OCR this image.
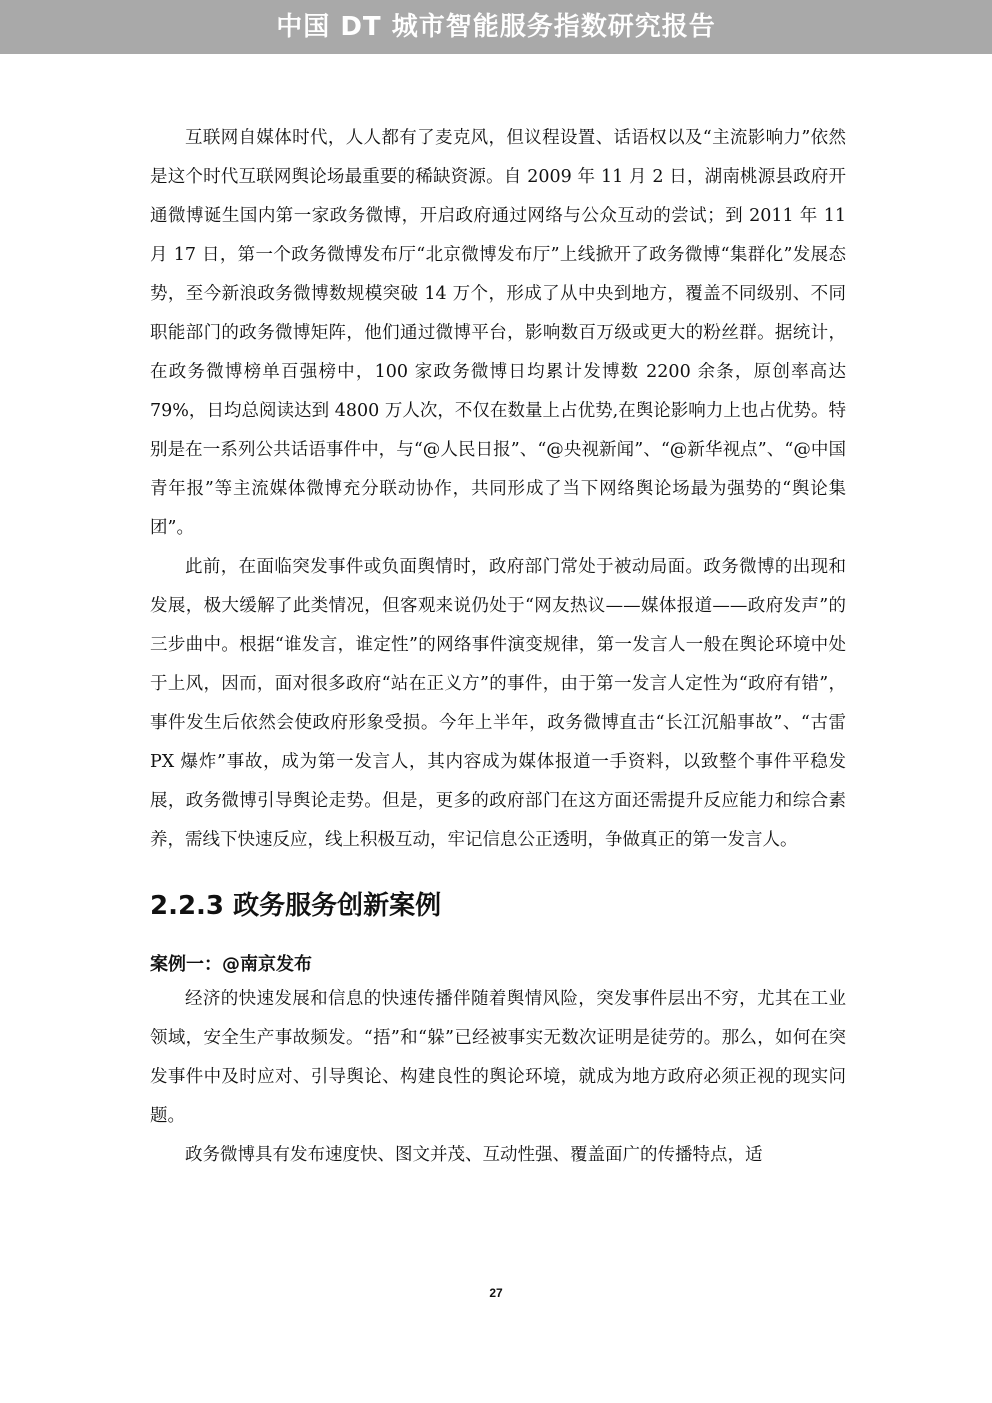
中国 DT 城市智能服务指数研究报告

互联网自媒体时代，人人都有了麦克风，但议程设置、话语权以及“主流影响力”依然是这个时代互联网舆论场最重要的稀缺资源。自 2009 年 11 月 2 日，湖南桃源县政府开通微博诞生国内第一家政务微博，开启政府通过网络与公众互动的尝试；到 2011 年 11 月 17 日，第一个政务微博发布厅“北京微博发布厅”上线掀开了政务微博“集群化”发展态势，至今新浪政务微博数规模突破 14 万个，形成了从中央到地方，覆盖不同级别、不同职能部门的政务微博矩阵，他们通过微博平台，影响数百万级或更大的粉丝群。据统计，在政务微博榜单百强榜中，100 家政务微博日均累计发博数 2200 余条，原创率高达 79%，日均总阅读达到 4800 万人次，不仅在数量上占优势,在舆论影响力上也占优势。特别是在一系列公共话语事件中，与“@人民日报”、“@央视新闻”、“@新华视点”、“@中国青年报”等主流媒体微博充分联动协作，共同形成了当下网络舆论场最为强势的“舆论集团”。

此前，在面临突发事件或负面舆情时，政府部门常处于被动局面。政务微博的出现和发展，极大缓解了此类情况，但客观来说仍处于“网友热议——媒体报道——政府发声”的三步曲中。根据“谁发言，谁定性”的网络事件演变规律，第一发言人一般在舆论环境中处于上风，因而，面对很多政府“站在正义方”的事件，由于第一发言人定性为“政府有错”，事件发生后依然会使政府形象受损。今年上半年，政务微博直击“长江沉船事故”、“古雷 PX 爆炸”事故，成为第一发言人，其内容成为媒体报道一手资料，以致整个事件平稳发展，政务微博引导舆论走势。但是，更多的政府部门在这方面还需提升反应能力和综合素养，需线下快速反应，线上积极互动，牢记信息公正透明，争做真正的第一发言人。

2.2.3 政务服务创新案例
案例一：@南京发布

经济的快速发展和信息的快速传播伴随着舆情风险，突发事件层出不穷，尤其在工业领域，安全生产事故频发。“捂”和“躲”已经被事实无数次证明是徒劳的。那么，如何在突发事件中及时应对、引导舆论、构建良性的舆论环境，就成为地方政府必须正视的现实问题。

政务微博具有发布速度快、图文并茂、互动性强、覆盖面广的传播特点，适

27
